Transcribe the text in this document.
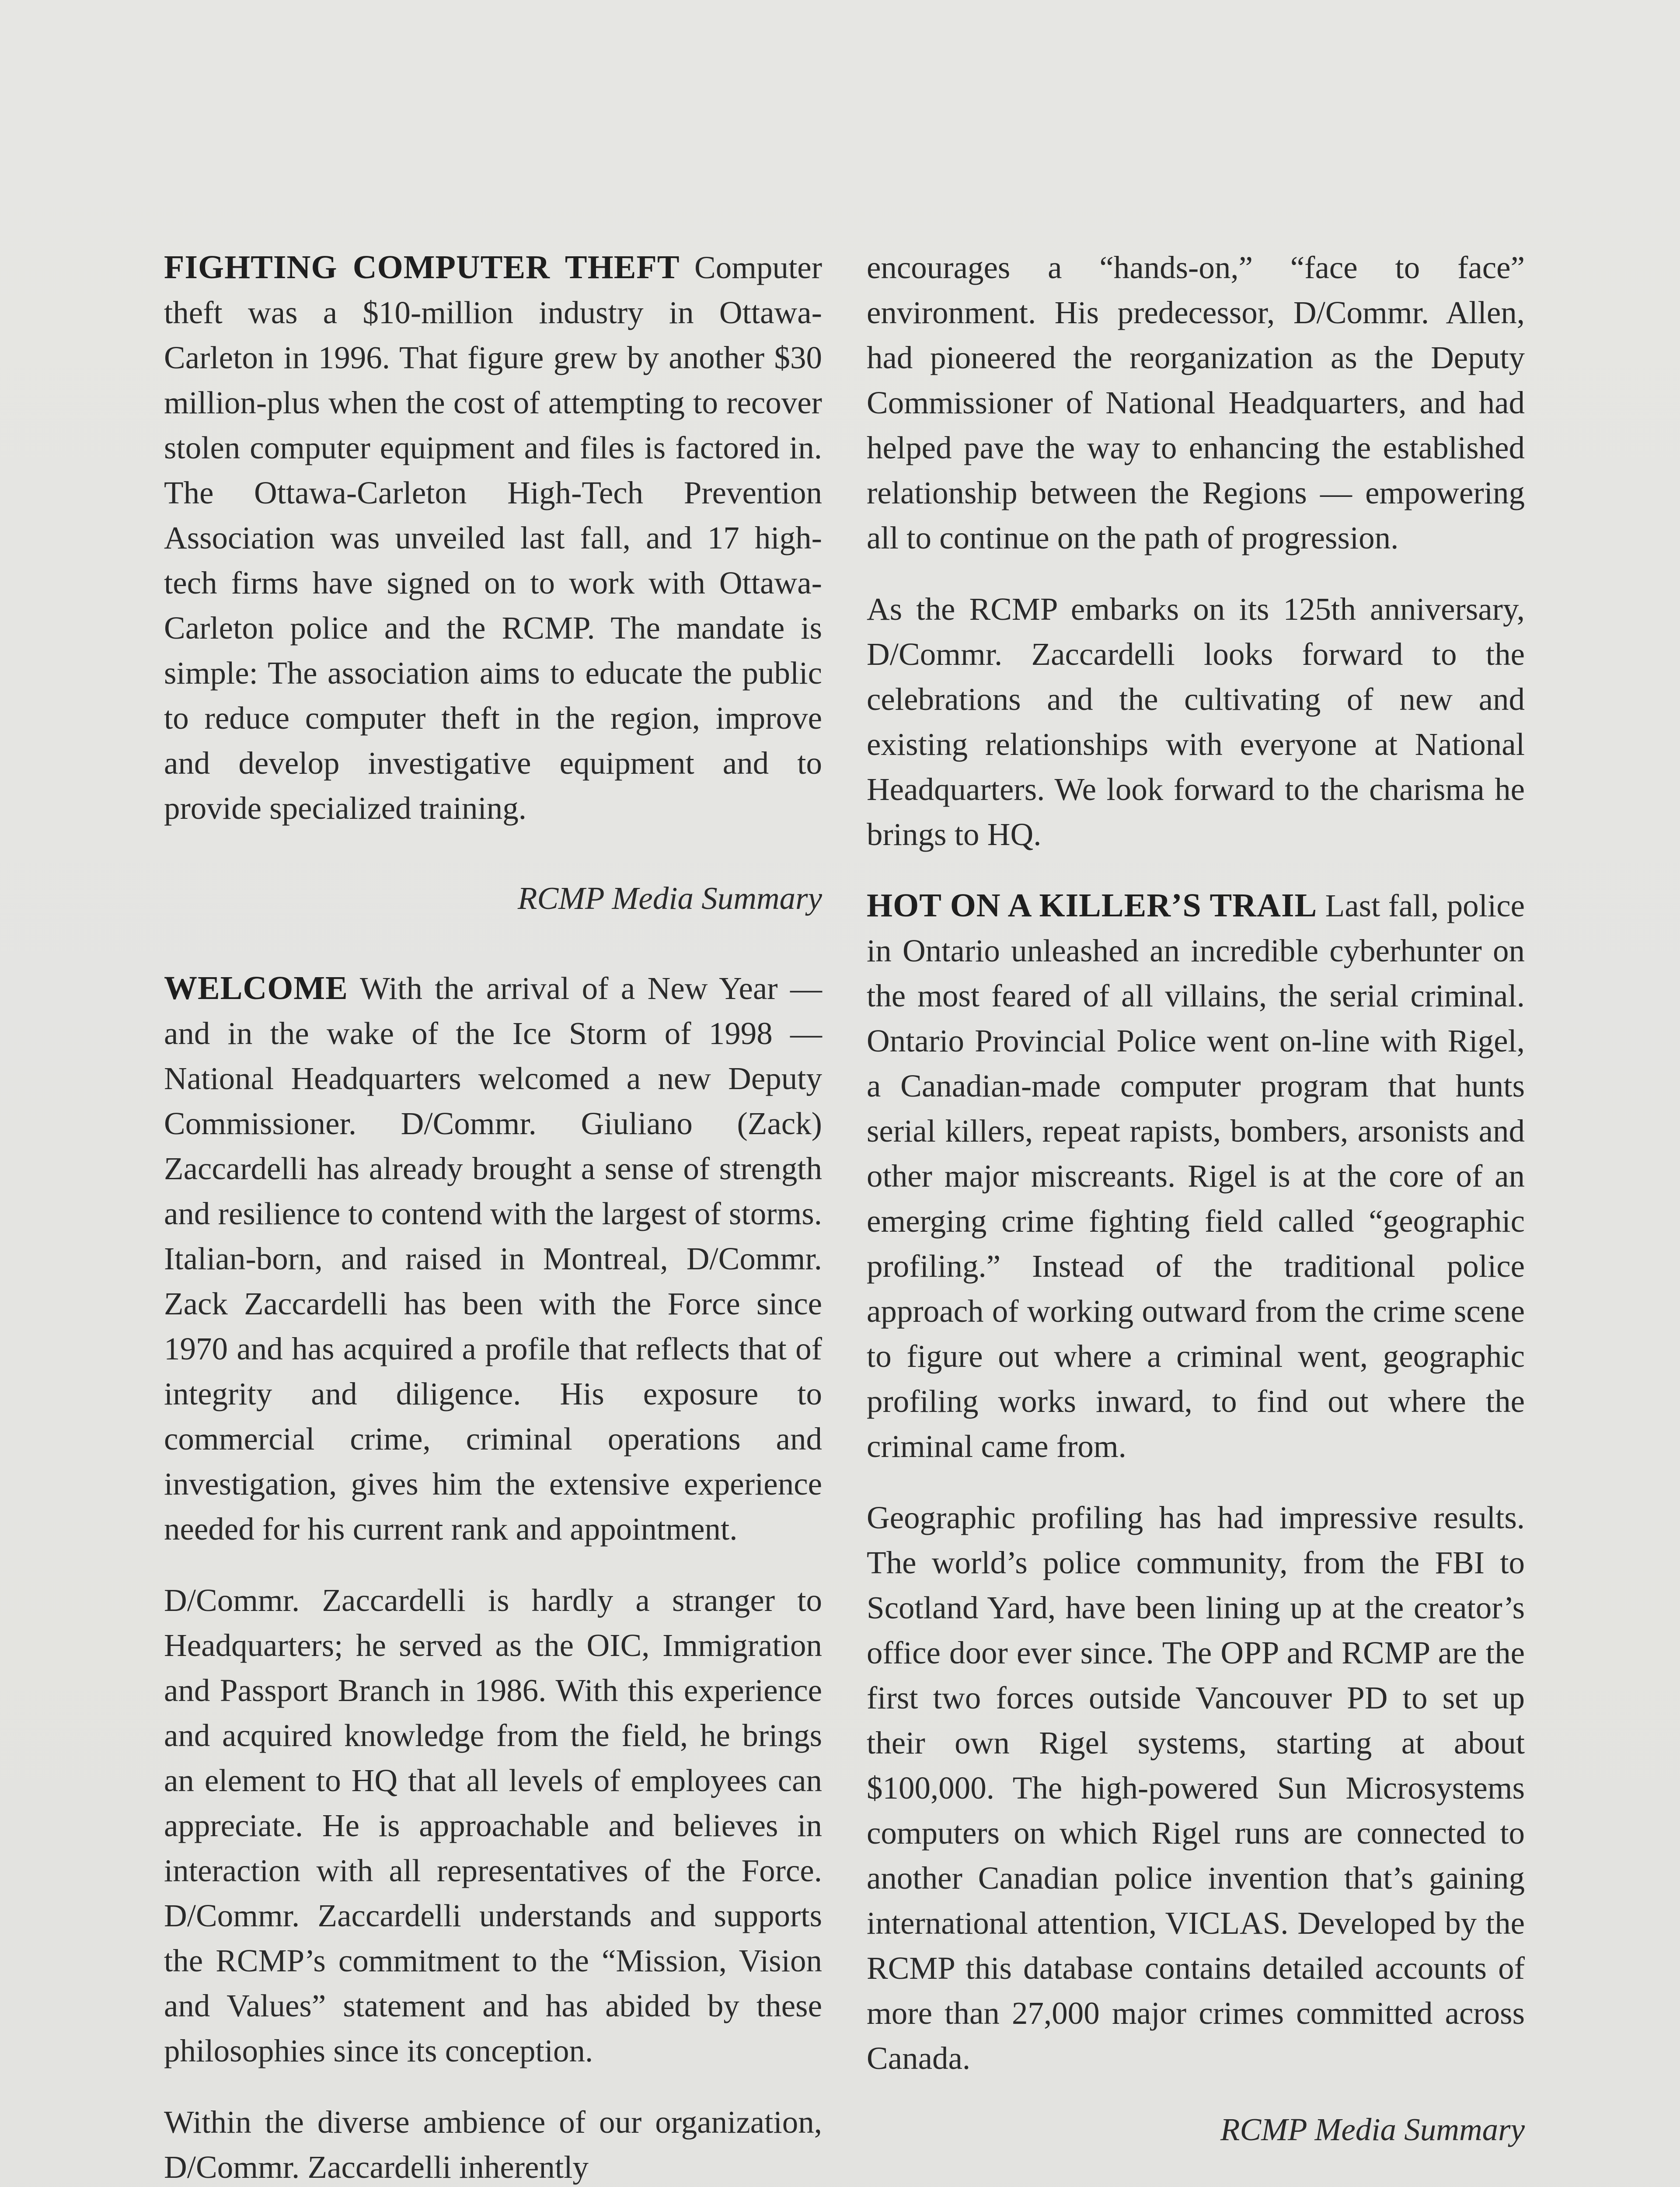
FIGHTING COMPUTER THEFT Computer theft was a $10-million industry in Ottawa-Carleton in 1996. That figure grew by another $30 million-plus when the cost of attempting to recover stolen computer equipment and files is factored in. The Ottawa-Carleton High-Tech Prevention Association was unveiled last fall, and 17 high-tech firms have signed on to work with Ottawa-Carleton police and the RCMP. The mandate is simple: The association aims to educate the public to reduce computer theft in the region, improve and develop investigative equipment and to provide specialized training.

RCMP Media Summary

WELCOME With the arrival of a New Year — and in the wake of the Ice Storm of 1998 — National Headquarters welcomed a new Deputy Commissioner. D/Commr. Giuliano (Zack) Zaccardelli has already brought a sense of strength and resilience to contend with the largest of storms. Italian-born, and raised in Montreal, D/Commr. Zack Zaccardelli has been with the Force since 1970 and has acquired a profile that reflects that of integrity and diligence. His exposure to commercial crime, criminal operations and investigation, gives him the extensive experience needed for his current rank and appointment.

D/Commr. Zaccardelli is hardly a stranger to Headquarters; he served as the OIC, Immigration and Passport Branch in 1986. With this experience and acquired knowledge from the field, he brings an element to HQ that all levels of employees can appreciate. He is approachable and believes in interaction with all representatives of the Force. D/Commr. Zaccardelli understands and supports the RCMP’s commitment to the “Mission, Vision and Values” statement and has abided by these philosophies since its conception.

Within the diverse ambience of our organization, D/Commr. Zaccardelli inherently

encourages a “hands-on,” “face to face” environment. His predecessor, D/Commr. Allen, had pioneered the reorganization as the Deputy Commissioner of National Headquarters, and had helped pave the way to enhancing the established relationship between the Regions — empowering all to continue on the path of progression.

As the RCMP embarks on its 125th anniversary, D/Commr. Zaccardelli looks forward to the celebrations and the cultivating of new and existing relationships with everyone at National Headquarters. We look forward to the charisma he brings to HQ.

HOT ON A KILLER’S TRAIL Last fall, police in Ontario unleashed an incredible cyberhunter on the most feared of all villains, the serial criminal. Ontario Provincial Police went on-line with Rigel, a Canadian-made computer program that hunts serial killers, repeat rapists, bombers, arsonists and other major miscreants. Rigel is at the core of an emerging crime fighting field called “geographic profiling.” Instead of the traditional police approach of working outward from the crime scene to figure out where a criminal went, geographic profiling works inward, to find out where the criminal came from.

Geographic profiling has had impressive results. The world’s police community, from the FBI to Scotland Yard, have been lining up at the creator’s office door ever since. The OPP and RCMP are the first two forces outside Vancouver PD to set up their own Rigel systems, starting at about $100,000. The high-powered Sun Microsystems computers on which Rigel runs are connected to another Canadian police invention that’s gaining international attention, VICLAS. Developed by the RCMP this database contains detailed accounts of more than 27,000 major crimes committed across Canada.

RCMP Media Summary
